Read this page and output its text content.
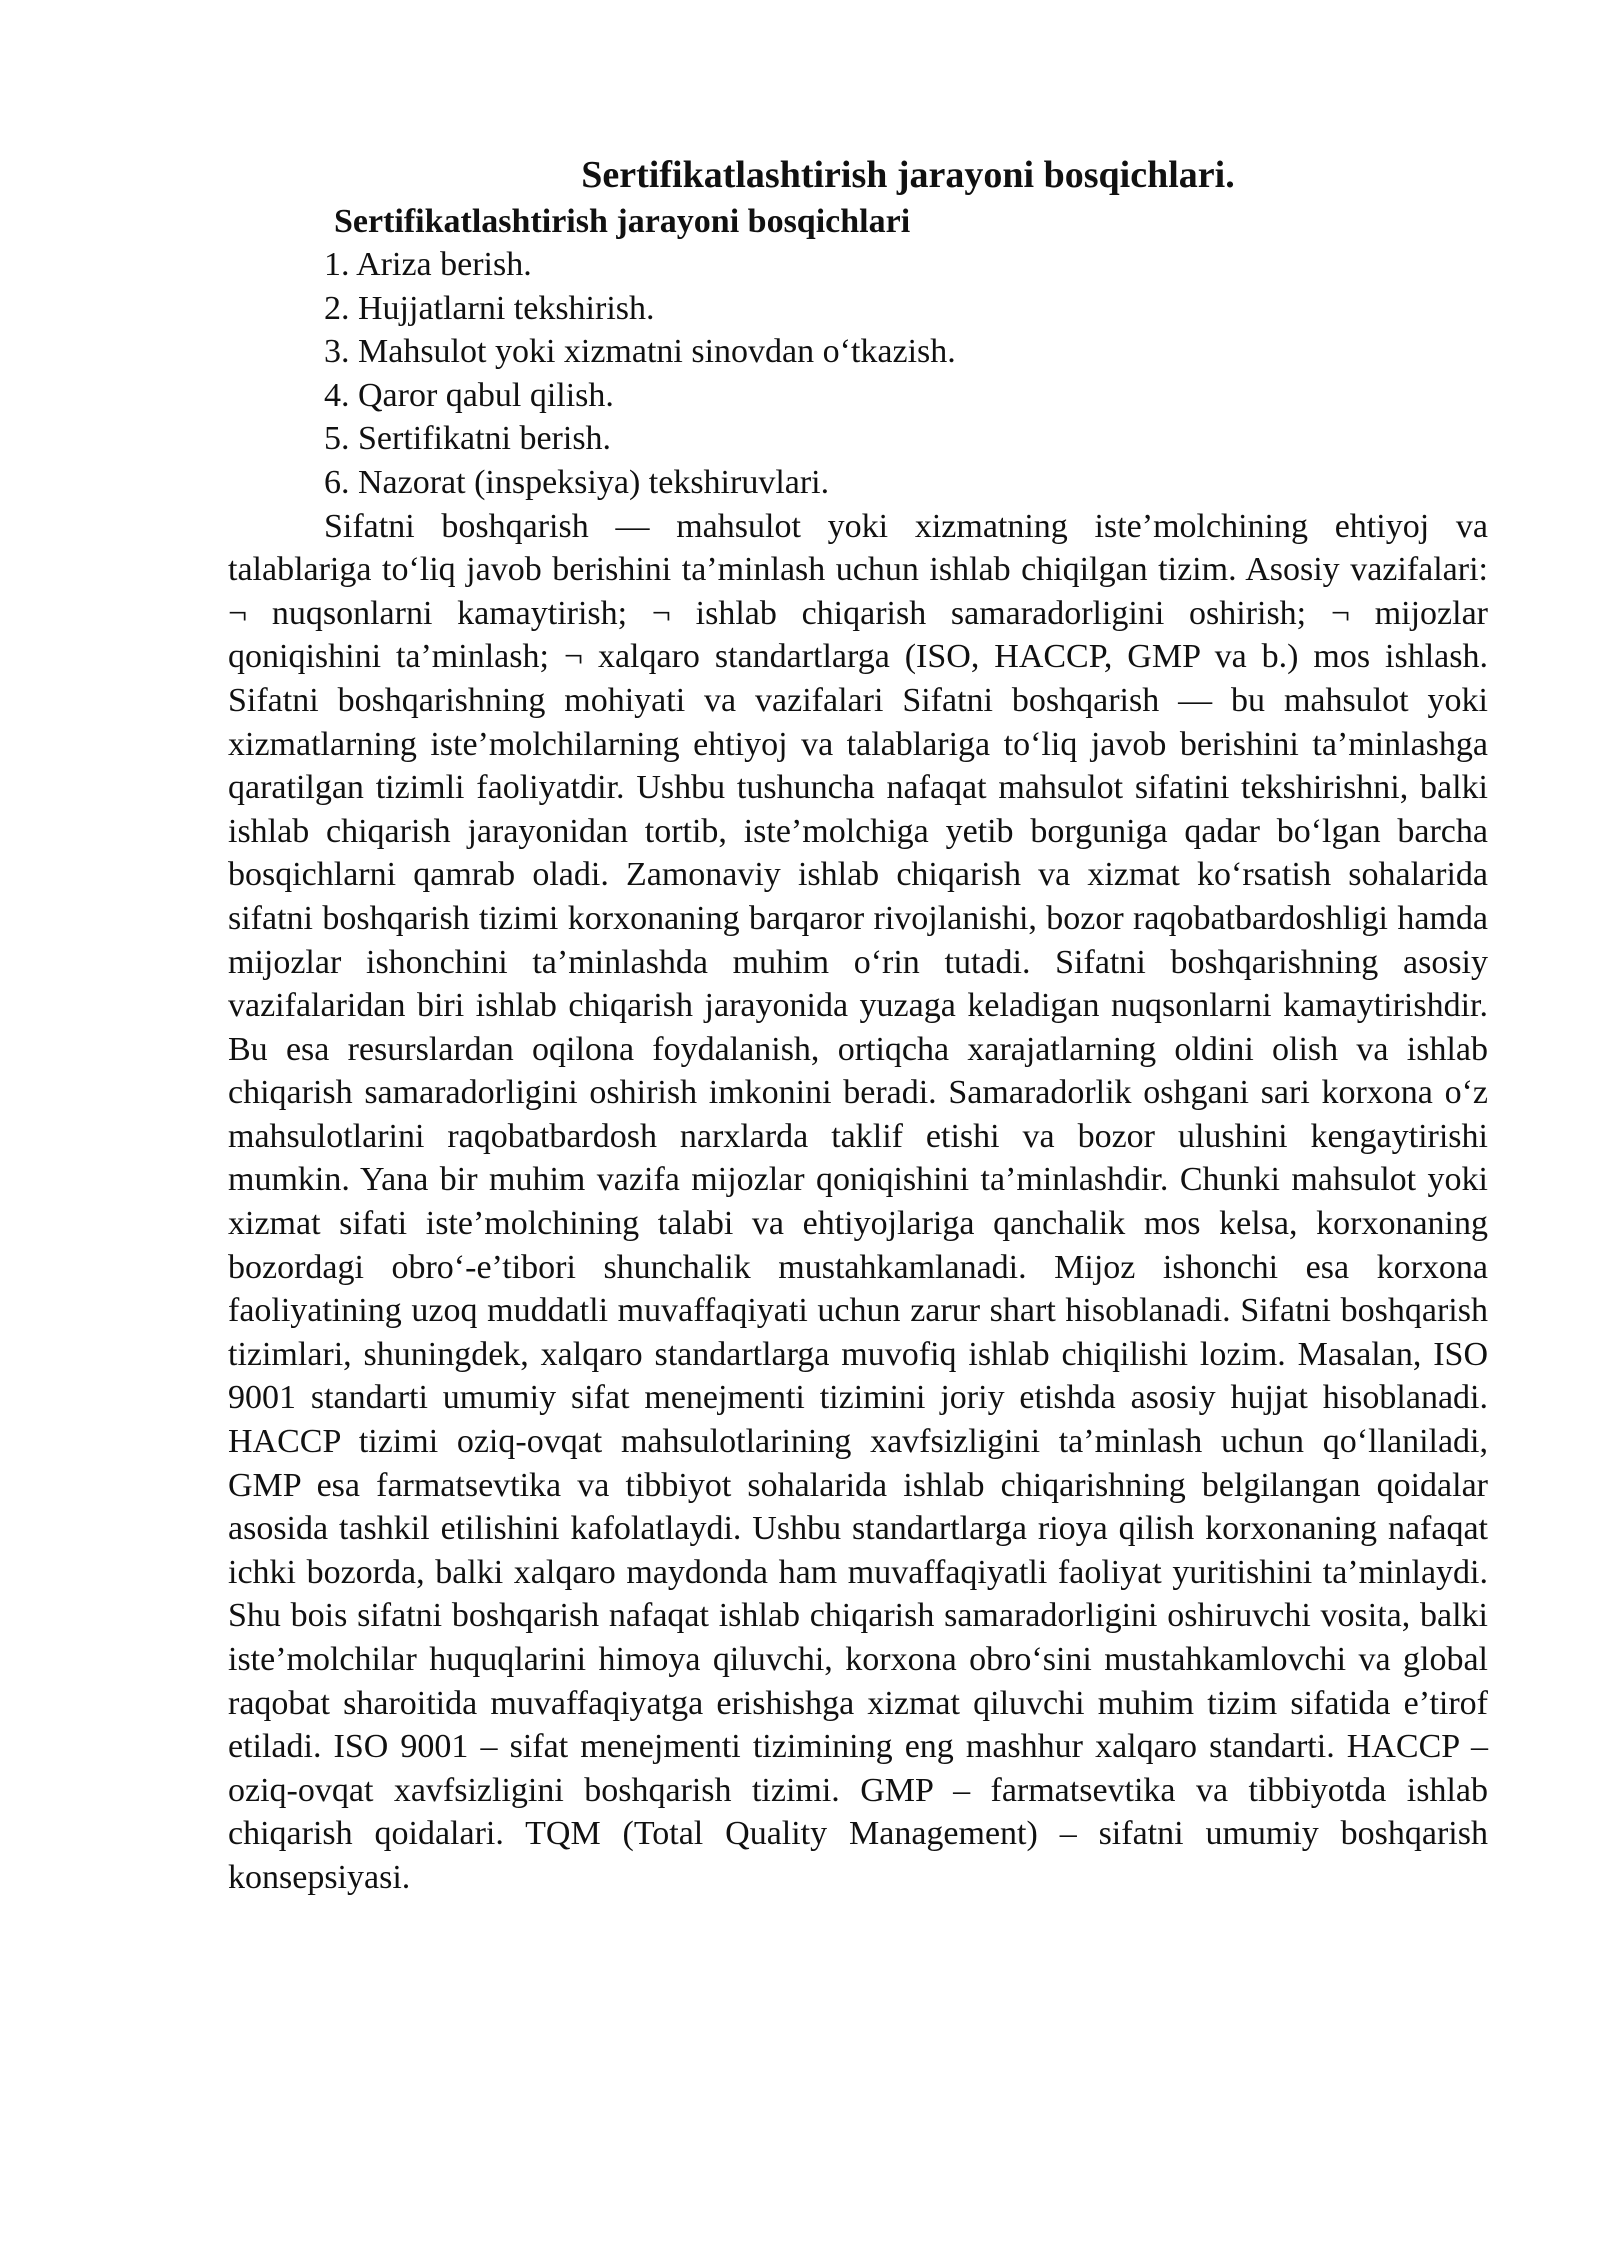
Sertifikatlashtirish jarayoni bosqichlari.
Sertifikatlashtirish jarayoni bosqichlari
1. Ariza berish.
2. Hujjatlarni tekshirish.
3. Mahsulot yoki xizmatni sinovdan o‘tkazish.
4. Qaror qabul qilish.
5. Sertifikatni berish.
6. Nazorat (inspeksiya) tekshiruvlari.

Sifatni boshqarish — mahsulot yoki xizmatning iste’molchining ehtiyoj va talablariga to‘liq javob berishini ta’minlash uchun ishlab chiqilgan tizim. Asosiy vazifalari: ¬ nuqsonlarni kamaytirish; ¬ ishlab chiqarish samaradorligini oshirish; ¬ mijozlar qoniqishini ta’minlash; ¬ xalqaro standartlarga (ISO, HACCP, GMP va b.) mos ishlash. Sifatni boshqarishning mohiyati va vazifalari Sifatni boshqarish — bu mahsulot yoki xizmatlarning iste’molchilarning ehtiyoj va talablariga to‘liq javob berishini ta’minlashga qaratilgan tizimli faoliyatdir. Ushbu tushuncha nafaqat mahsulot sifatini tekshirishni, balki ishlab chiqarish jarayonidan tortib, iste’molchiga yetib borguniga qadar bo‘lgan barcha bosqichlarni qamrab oladi. Zamonaviy ishlab chiqarish va xizmat ko‘rsatish sohalarida sifatni boshqarish tizimi korxonaning barqaror rivojlanishi, bozor raqobatbardoshligi hamda mijozlar ishonchini ta’minlashda muhim o‘rin tutadi. Sifatni boshqarishning asosiy vazifalaridan biri ishlab chiqarish jarayonida yuzaga keladigan nuqsonlarni kamaytirishdir. Bu esa resurslardan oqilona foydalanish, ortiqcha xarajatlarning oldini olish va ishlab chiqarish samaradorligini oshirish imkonini beradi. Samaradorlik oshgani sari korxona o‘z mahsulotlarini raqobatbardosh narxlarda taklif etishi va bozor ulushini kengaytirishi mumkin. Yana bir muhim vazifa mijozlar qoniqishini ta’minlashdir. Chunki mahsulot yoki xizmat sifati iste’molchining talabi va ehtiyojlariga qanchalik mos kelsa, korxonaning bozordagi obro‘-e’tibori shunchalik mustahkamlanadi. Mijoz ishonchi esa korxona faoliyatining uzoq muddatli muvaffaqiyati uchun zarur shart hisoblanadi. Sifatni boshqarish tizimlari, shuningdek, xalqaro standartlarga muvofiq ishlab chiqilishi lozim. Masalan, ISO 9001 standarti umumiy sifat menejmenti tizimini joriy etishda asosiy hujjat hisoblanadi. HACCP tizimi oziq-ovqat mahsulotlarining xavfsizligini ta’minlash uchun qo‘llaniladi, GMP esa farmatsevtika va tibbiyot sohalarida ishlab chiqarishning belgilangan qoidalar asosida tashkil etilishini kafolatlaydi. Ushbu standartlarga rioya qilish korxonaning nafaqat ichki bozorda, balki xalqaro maydonda ham muvaffaqiyatli faoliyat yuritishini ta’minlaydi. Shu bois sifatni boshqarish nafaqat ishlab chiqarish samaradorligini oshiruvchi vosita, balki iste’molchilar huquqlarini himoya qiluvchi, korxona obro‘sini mustahkamlovchi va global raqobat sharoitida muvaffaqiyatga erishishga xizmat qiluvchi muhim tizim sifatida e’tirof etiladi. ISO 9001 – sifat menejmenti tizimining eng mashhur xalqaro standarti. HACCP – oziq-ovqat xavfsizligini boshqarish tizimi. GMP – farmatsevtika va tibbiyotda ishlab chiqarish qoidalari. TQM (Total Quality Management) – sifatni umumiy boshqarish konsepsiyasi.
